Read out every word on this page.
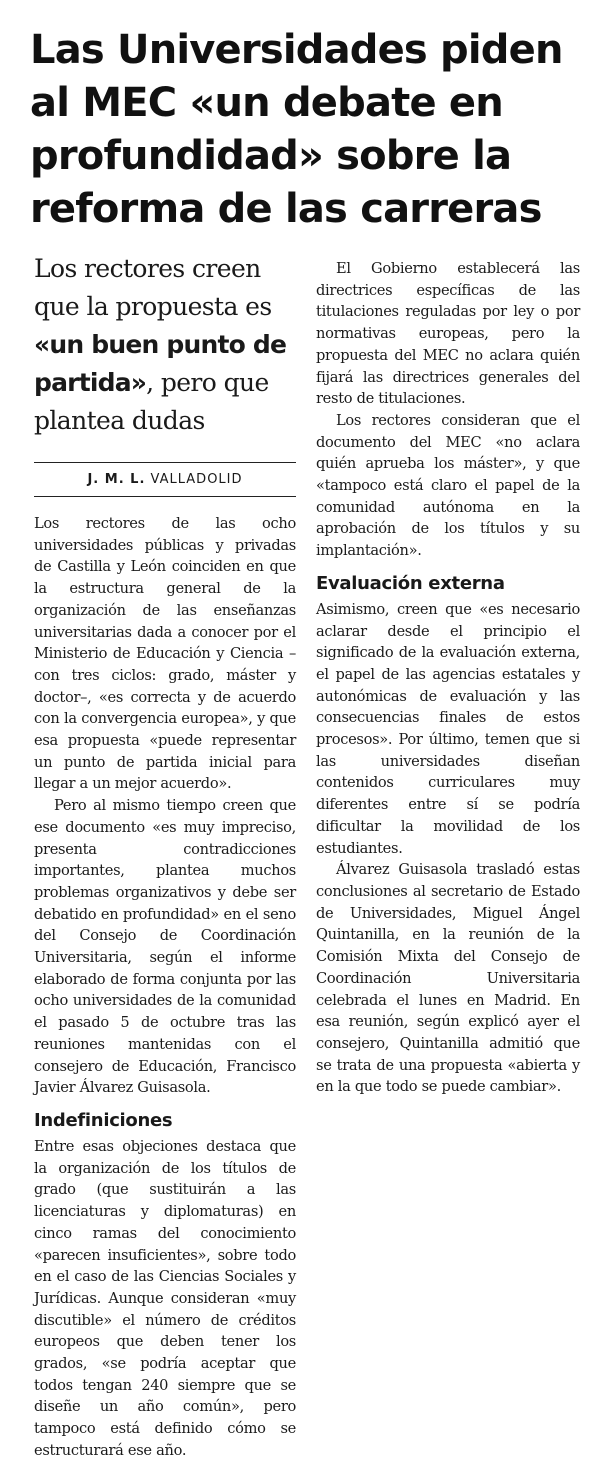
Las Universidades piden al MEC «un debate en profundidad» sobre la reforma de las carreras

Los rectores creen que la propuesta es «un buen punto de partida», pero que plantea dudas

J. M. L. VALLADOLID

Los rectores de las ocho universidades públicas y privadas de Castilla y León coinciden en que la estructura general de la organización de las enseñanzas universitarias dada a conocer por el Ministerio de Educación y Ciencia –con tres ciclos: grado, máster y doctor–, «es correcta y de acuerdo con la convergencia europea», y que esa propuesta «puede representar un punto de partida inicial para llegar a un mejor acuerdo».

Pero al mismo tiempo creen que ese documento «es muy impreciso, presenta contradicciones importantes, plantea muchos problemas organizativos y debe ser debatido en profundidad» en el seno del Consejo de Coordinación Universitaria, según el informe elaborado de forma conjunta por las ocho universidades de la comunidad el pasado 5 de octubre tras las reuniones mantenidas con el consejero de Educación, Francisco Javier Álvarez Guisasola.

Indefiniciones

Entre esas objeciones destaca que la organización de los títulos de grado (que sustituirán a las licenciaturas y diplomaturas) en cinco ramas del conocimiento «parecen insuficientes», sobre todo en el caso de las Ciencias Sociales y Jurídicas. Aunque consideran «muy discutible» el número de créditos europeos que deben tener los grados, «se podría aceptar que todos tengan 240 siempre que se diseñe un año común», pero tampoco está definido cómo se estructurará ese año.

El Gobierno establecerá las directrices específicas de las titulaciones reguladas por ley o por normativas europeas, pero la propuesta del MEC no aclara quién fijará las directrices generales del resto de titulaciones.

Los rectores consideran que el documento del MEC «no aclara quién aprueba los máster», y que «tampoco está claro el papel de la comunidad autónoma en la aprobación de los títulos y su implantación».

Evaluación externa

Asimismo, creen que «es necesario aclarar desde el principio el significado de la evaluación externa, el papel de las agencias estatales y autonómicas de evaluación y las consecuencias finales de estos procesos». Por último, temen que si las universidades diseñan contenidos curriculares muy diferentes entre sí se podría dificultar la movilidad de los estudiantes.

Álvarez Guisasola trasladó estas conclusiones al secretario de Estado de Universidades, Miguel Ángel Quintanilla, en la reunión de la Comisión Mixta del Consejo de Coordinación Universitaria celebrada el lunes en Madrid. En esa reunión, según explicó ayer el consejero, Quintanilla admitió que se trata de una propuesta «abierta y en la que todo se puede cambiar».
